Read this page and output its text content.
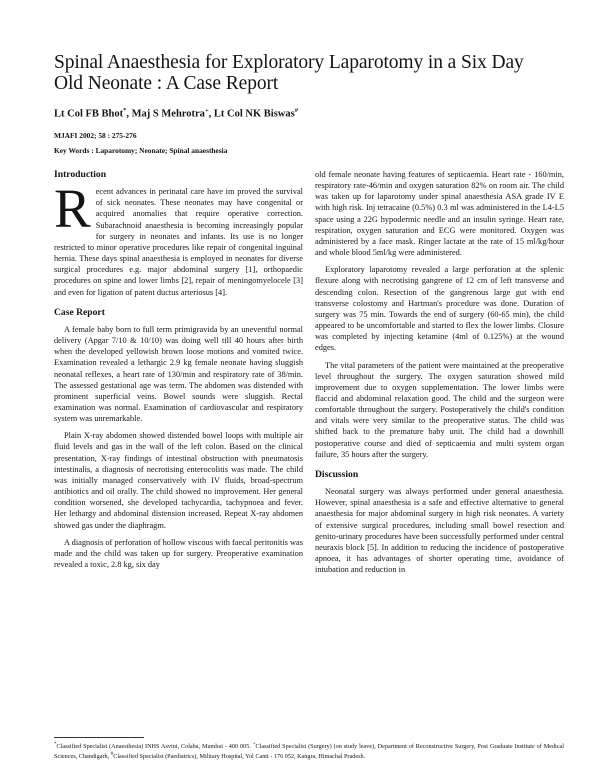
Spinal Anaesthesia for Exploratory Laparotomy in a Six Day Old Neonate : A Case Report
Lt Col FB Bhot*, Maj S Mehrotra+, Lt Col NK Biswas#
MJAFI 2002; 58 : 275-276
Key Words : Laparotomy; Neonate; Spinal anaesthesia
Introduction

Recent advances in perinatal care have im proved the survival of sick neonates. These neonates may have congenital or acquired anomalies that require operative correction. Subarachnoid anaesthesia is becoming increasingly popular for surgery in neonates and infants. Its use is no longer restricted to minor operative procedures like repair of congenital inguinal hernia. These days spinal anaesthesia is employed in neonates for diverse surgical procedures e.g. major abdominal surgery [1], orthopaedic procedures on spine and lower limbs [2], repair of meningomyelocele [3] and even for ligation of patent ductus arteriosus [4].

Case Report

A female baby born to full term primigravida by an uneventful normal delivery (Apgar 7/10 & 10/10) was doing well till 40 hours after birth when the developed yellowish brown loose motions and vomited twice. Examination revealed a lethargic 2.9 kg female neonate having sluggish neonatal reflexes, a heart rate of 130/min and respiratory rate of 38/min. The assessed gestational age was term. The abdomen was distended with prominent superficial veins. Bowel sounds were sluggish. Rectal examination was normal. Examination of cardiovascular and respiratory system was unremarkable.

Plain X-ray abdomen showed distended bowel loops with multiple air fluid levels and gas in the wall of the left colon. Based on the clinical presentation, X-ray findings of intestinal obstruction with pneumatosis intestinalis, a diagnosis of necrotising enterocolitis was made. The child was initially managed conservatively with IV fluids, broad-spectrum antibiotics and oil orally. The child showed no improvement. Her general condition worsened, she developed tachycardia, tachypnoea and fever. Her lethargy and abdominal distension increased. Repeat X-ray abdomen showed gas under the diaphragm.

A diagnosis of perforation of hollow viscous with faecal peritonitis was made and the child was taken up for surgery. Preoperative examination revealed a toxic, 2.8 kg, six day

old female neonate having features of septicaemia. Heart rate - 160/min, respiratory rate-46/min and oxygen saturation 82% on room air. The child was taken up for laparotomy under spinal anaesthesia ASA grade IV E with high risk. Inj tetracaine (0.5%) 0.3 ml was administered in the L4-L5 space using a 22G hypodermic needle and an insulin syringe. Heart rate, respiration, oxygen saturation and ECG were monitored. Oxygen was administered by a face mask. Ringer lactate at the rate of 15 ml/kg/hour and whole blood 5ml/kg were administered.

Exploratory laparotomy revealed a large perforation at the splenic flexure along with necrotising gangrene of 12 cm of left transverse and descending colon. Resection of the gangrenous large gut with end transverse colostomy and Hartman's procedure was done. Duration of surgery was 75 min. Towards the end of surgery (60-65 min), the child appeared to be uncomfortable and started to flex the lower limbs. Closure was completed by injecting ketamine (4ml of 0.125%) at the wound edges.

The vital parameters of the patient were maintained at the preoperative level throughout the surgery. The oxygen saturation showed mild improvement due to oxygen supplementation. The lower limbs were flaccid and abdominal relaxation good. The child and the surgeon were comfortable throughout the surgery. Postoperatively the child's condition and vitals were very similar to the preoperative status. The child was shifted back to the premature baby unit. The child had a downhill postoperative course and died of septicaemia and multi system organ failure, 35 hours after the surgery.

Discussion

Neonatal surgery was always performed under general anaesthesia. However, spinal anaesthesia is a safe and effective alternative to general anaesthesia for major abdominal surgery in high risk neonates. A variety of extensive surgical procedures, including small bowel resection and genito-urinary procedures have been successfully performed under central neuraxis block [5]. In addition to reducing the incidence of postoperative apnoea, it has advantages of shorter operating time, avoidance of intubation and reduction in

*Classified Specialist (Anaesthesia) INHS Asvini, Colaba, Mumbai - 400 005. +Classified Specialist (Surgery) (on study leave), Department of Reconstructive Surgery, Post Graduate Institute of Medical Sciences, Chandigarh, #Classified Specialist (Paediatrics), Military Hospital, Yol Cantt - 176 052, Kangra, Himachal Pradesh.
